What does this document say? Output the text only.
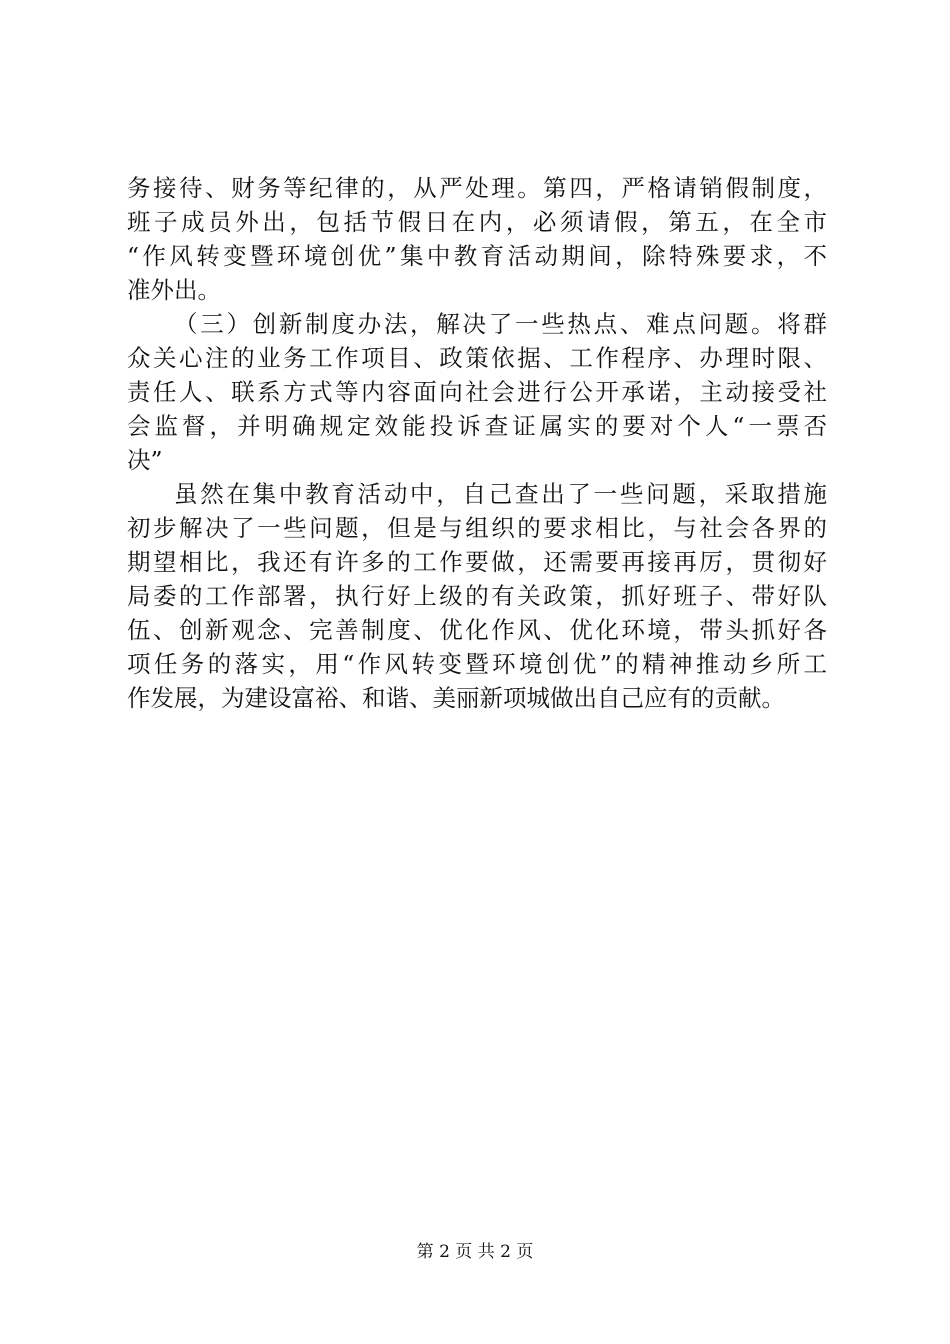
务接待、财务等纪律的，从严处理。第四，严格请销假制度，
班子成员外出，包括节假日在内，必须请假，第五，在全市
“作风转变暨环境创优”集中教育活动期间，除特殊要求，不
准外出。
（三）创新制度办法，解决了一些热点、难点问题。将群
众关心注的业务工作项目、政策依据、工作程序、办理时限、
责任人、联系方式等内容面向社会进行公开承诺，主动接受社
会监督，并明确规定效能投诉查证属实的要对个人“一票否
决”
虽然在集中教育活动中，自己查出了一些问题，采取措施
初步解决了一些问题，但是与组织的要求相比，与社会各界的
期望相比，我还有许多的工作要做，还需要再接再厉，贯彻好
局委的工作部署，执行好上级的有关政策，抓好班子、带好队
伍、创新观念、完善制度、优化作风、优化环境，带头抓好各
项任务的落实，用“作风转变暨环境创优”的精神推动乡所工
作发展，为建设富裕、和谐、美丽新项城做出自己应有的贡献。
第 2 页 共 2 页
